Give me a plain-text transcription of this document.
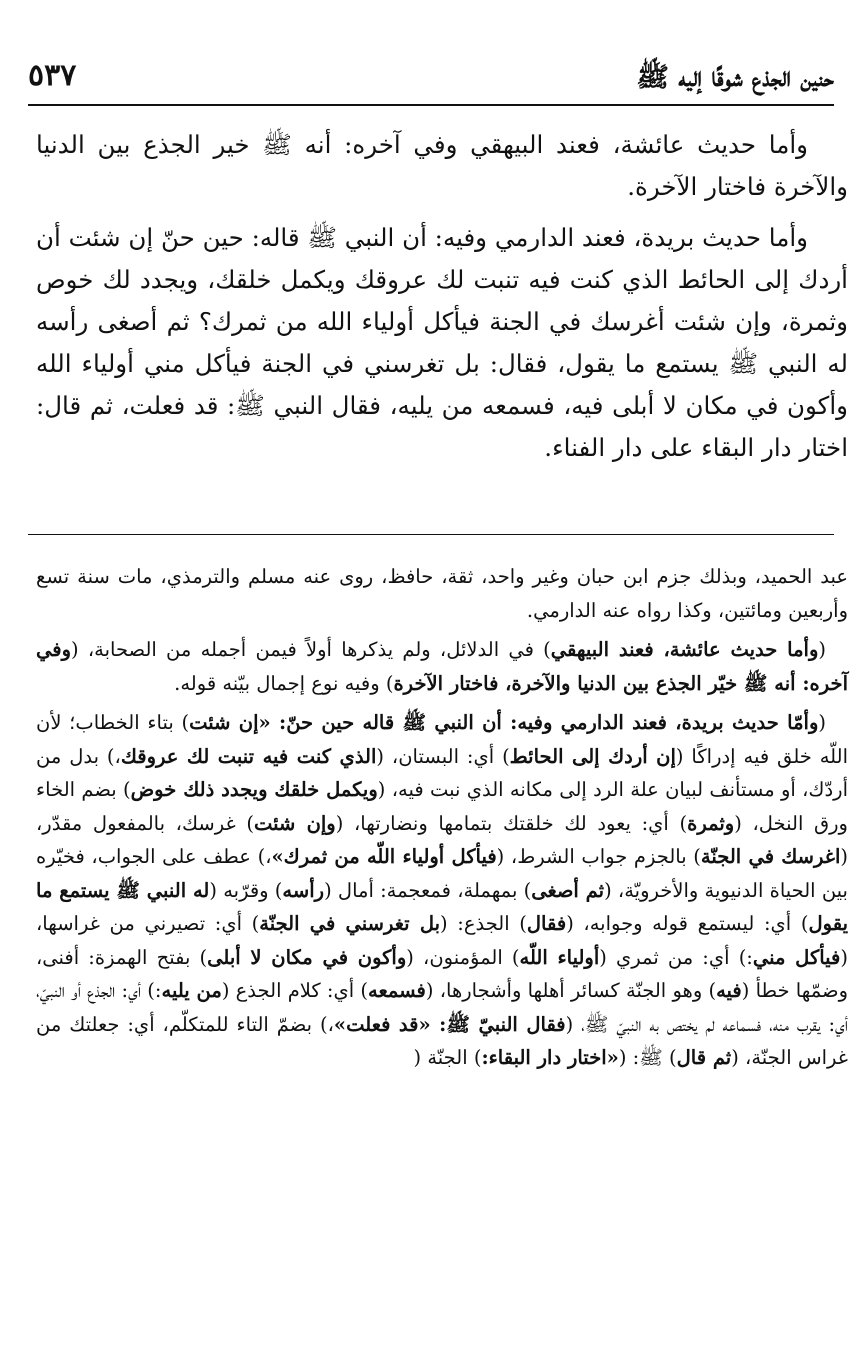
حنين الجذع شوقًا إليه ﷺ
٥٣٧

وأما حديث عائشة، فعند البيهقي وفي آخره: أنه ﷺ خير الجذع بين الدنيا والآخرة فاختار الآخرة.

وأما حديث بريدة، فعند الدارمي وفيه: أن النبي ﷺ قاله: حين حنّ إن شئت أن أردك إلى الحائط الذي كنت فيه تنبت لك عروقك ويكمل خلقك، ويجدد لك خوص وثمرة، وإن شئت أغرسك في الجنة فيأكل أولياء الله من ثمرك؟ ثم أصغى رأسه له النبي ﷺ يستمع ما يقول، فقال: بل تغرسني في الجنة فيأكل مني أولياء الله وأكون في مكان لا أبلى فيه، فسمعه من يليه، فقال النبي ﷺ: قد فعلت، ثم قال: اختار دار البقاء على دار الفناء.

عبد الحميد، وبذلك جزم ابن حبان وغير واحد، ثقة، حافظ، روى عنه مسلم والترمذي، مات سنة تسع وأربعين ومائتين، وكذا رواه عنه الدارمي.

(وأما حديث عائشة، فعند البيهقي) في الدلائل، ولم يذكرها أولاً فيمن أجمله من الصحابة، (وفي آخره: أنه ﷺ خيّر الجذع بين الدنيا والآخرة، فاختار الآخرة) وفيه نوع إجمال بيّنه قوله.

(وأمّا حديث بريدة، فعند الدارمي وفيه: أن النبي ﷺ قاله حين حنّ: «إن شئت) بتاء الخطاب؛ لأن اللّه خلق فيه إدراكًا (إن أردك إلى الحائط) أي: البستان، (الذي كنت فيه تنبت لك عروقك،) بدل من أردّك، أو مستأنف لبيان علة الرد إلى مكانه الذي نبت فيه، (ويكمل خلقك ويجدد ذلك خوض) بضم الخاء ورق النخل، (وثمرة) أي: يعود لك خلقتك بتمامها ونضارتها، (وإن شئت) غرسك، بالمفعول مقدّر، (اغرسك في الجنّة) بالجزم جواب الشرط، (فيأكل أولياء اللّه من ثمرك»،) عطف على الجواب، فخيّره بين الحياة الدنيوية والأخرويّة، (ثم أصغى) بمهملة، فمعجمة: أمال (رأسه) وقرّبه (له النبي ﷺ يستمع ما يقول) أي: ليستمع قوله وجوابه، (فقال) الجذع: (بل تغرسني في الجنّة) أي: تصيرني من غراسها، (فيأكل مني:) أي: من ثمري (أولياء اللّه) المؤمنون، (وأكون في مكان لا أبلى) بفتح الهمزة: أفنى، وضمّها خطأ (فيه) وهو الجنّة كسائر أهلها وأشجارها، (فسمعه) أي: كلام الجذع (من يليه:) أي: الجذع أو النبيّ، أي: يقرب منه، فسماعه لم يختص به النبيّ ﷺ، (فقال النبيّ ﷺ: «قد فعلت»،) بضمّ التاء للمتكلّم، أي: جعلتك من غراس الجنّة، (ثم قال) ﷺ: («اختار دار البقاء:) الجنّة (
